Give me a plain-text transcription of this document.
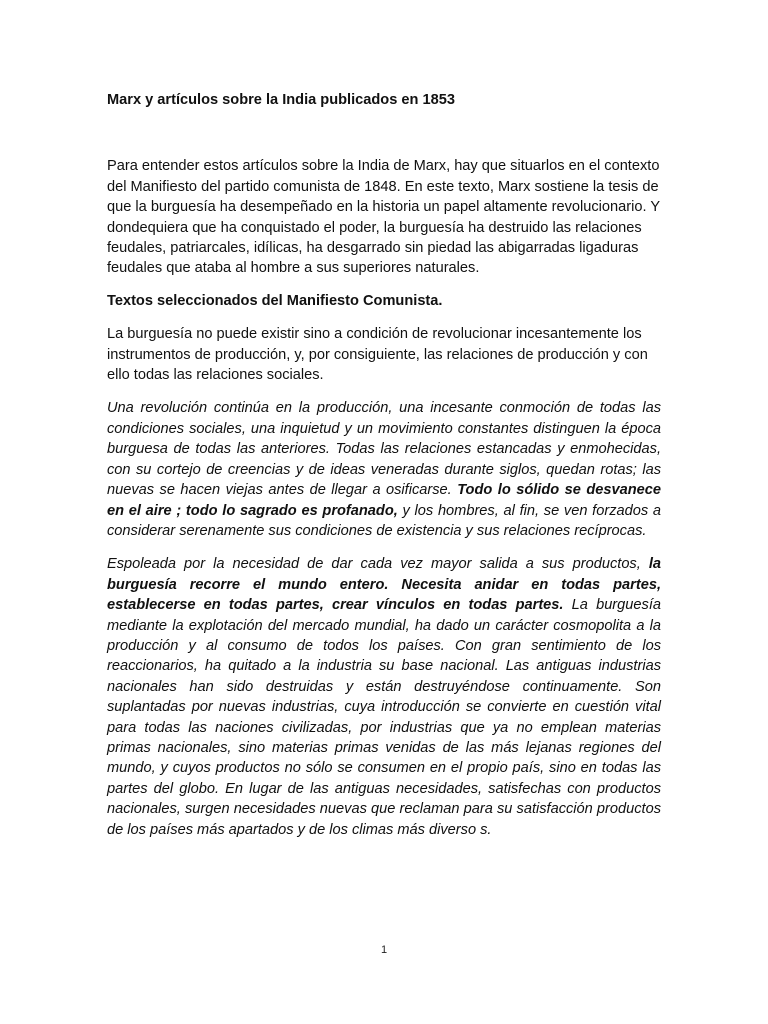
Marx y artículos sobre la India publicados en 1853

Para entender estos artículos sobre la India de Marx, hay que situarlos en el contexto del Manifiesto del partido comunista de 1848. En este texto, Marx sostiene la tesis de que la burguesía ha desempeñado en la historia un papel altamente revolucionario. Y dondequiera que ha conquistado el poder, la burguesía ha destruido las relaciones feudales, patriarcales, idílicas, ha desgarrado sin piedad las abigarradas ligaduras feudales que ataba al hombre a sus superiores naturales.

Textos seleccionados del Manifiesto Comunista.

La burguesía no puede existir sino a condición de revolucionar incesantemente los instrumentos de producción, y, por consiguiente, las relaciones de producción y con ello todas las relaciones sociales.

Una revolución continúa en la producción, una incesante conmoción de todas las condiciones sociales, una inquietud y un movimiento constantes distinguen la época burguesa de todas las anteriores. Todas las relaciones estancadas y enmohecidas, con su cortejo de creencias y de ideas veneradas durante siglos, quedan rotas; las nuevas se hacen viejas antes de llegar a osificarse. Todo lo sólido se desvanece en el aire ; todo lo sagrado es profanado, y los hombres, al fin, se ven forzados a considerar serenamente sus condiciones de existencia y sus relaciones recíprocas.

Espoleada por la necesidad de dar cada vez mayor salida a sus productos, la burguesía recorre el mundo entero. Necesita anidar en todas partes, establecerse en todas partes, crear vínculos en todas partes. La burguesía mediante la explotación del mercado mundial, ha dado un carácter cosmopolita a la producción y al consumo de todos los países. Con gran sentimiento de los reaccionarios, ha quitado a la industria su base nacional. Las antiguas industrias nacionales han sido destruidas y están destruyéndose continuamente. Son suplantadas por nuevas industrias, cuya introducción se convierte en cuestión vital para todas las naciones civilizadas, por industrias que ya no emplean materias primas nacionales, sino materias primas venidas de las más lejanas regiones del mundo, y cuyos productos no sólo se consumen en el propio país, sino en todas las partes del globo. En lugar de las antiguas necesidades, satisfechas con productos nacionales, surgen necesidades nuevas que reclaman para su satisfacción productos de los países más apartados y de los climas más diverso s.

1
